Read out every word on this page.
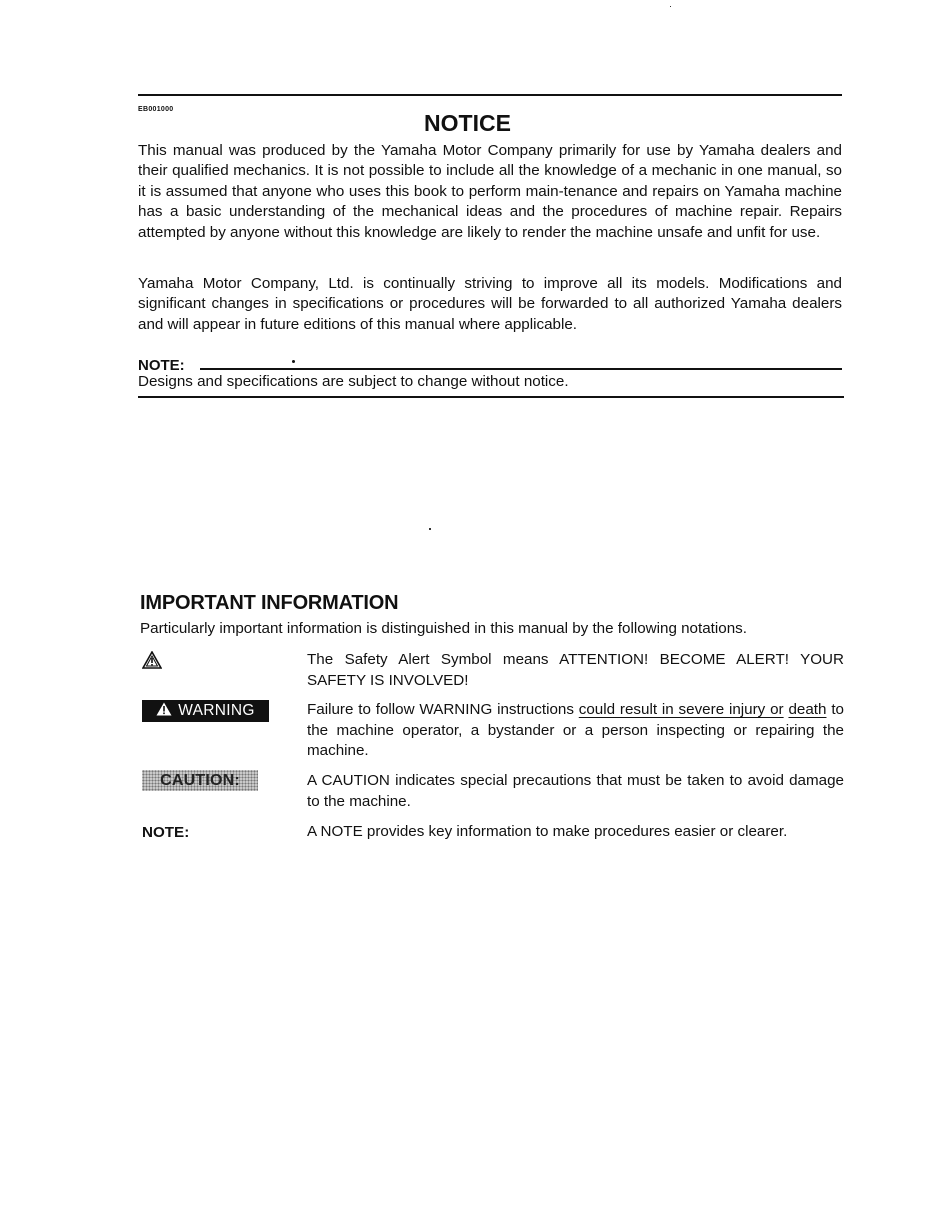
EB001000
NOTICE

This manual was produced by the Yamaha Motor Company primarily for use by Yamaha dealers and their qualified mechanics. It is not possible to include all the knowledge of a mechanic in one manual, so it is assumed that anyone who uses this book to perform main-tenance and repairs on Yamaha machine has a basic understanding of the mechanical ideas and the procedures of machine repair. Repairs attempted by anyone without this knowledge are likely to render the machine unsafe and unfit for use.

Yamaha Motor Company, Ltd. is continually striving to improve all its models. Modifications and significant changes in specifications or procedures will be forwarded to all authorized Yamaha dealers and will appear in future editions of this manual where applicable.

NOTE:
Designs and specifications are subject to change without notice.
IMPORTANT INFORMATION
Particularly important information is distinguished in this manual by the following notations.

The Safety Alert Symbol means ATTENTION! BECOME ALERT! YOUR SAFETY IS INVOLVED!

WARNING	Failure to follow WARNING instructions could result in severe injury or death to the machine operator, a bystander or a person inspecting or repairing the machine.

CAUTION:	A CAUTION indicates special precautions that must be taken to avoid damage to the machine.

NOTE:	A NOTE provides key information to make procedures easier or clearer.
